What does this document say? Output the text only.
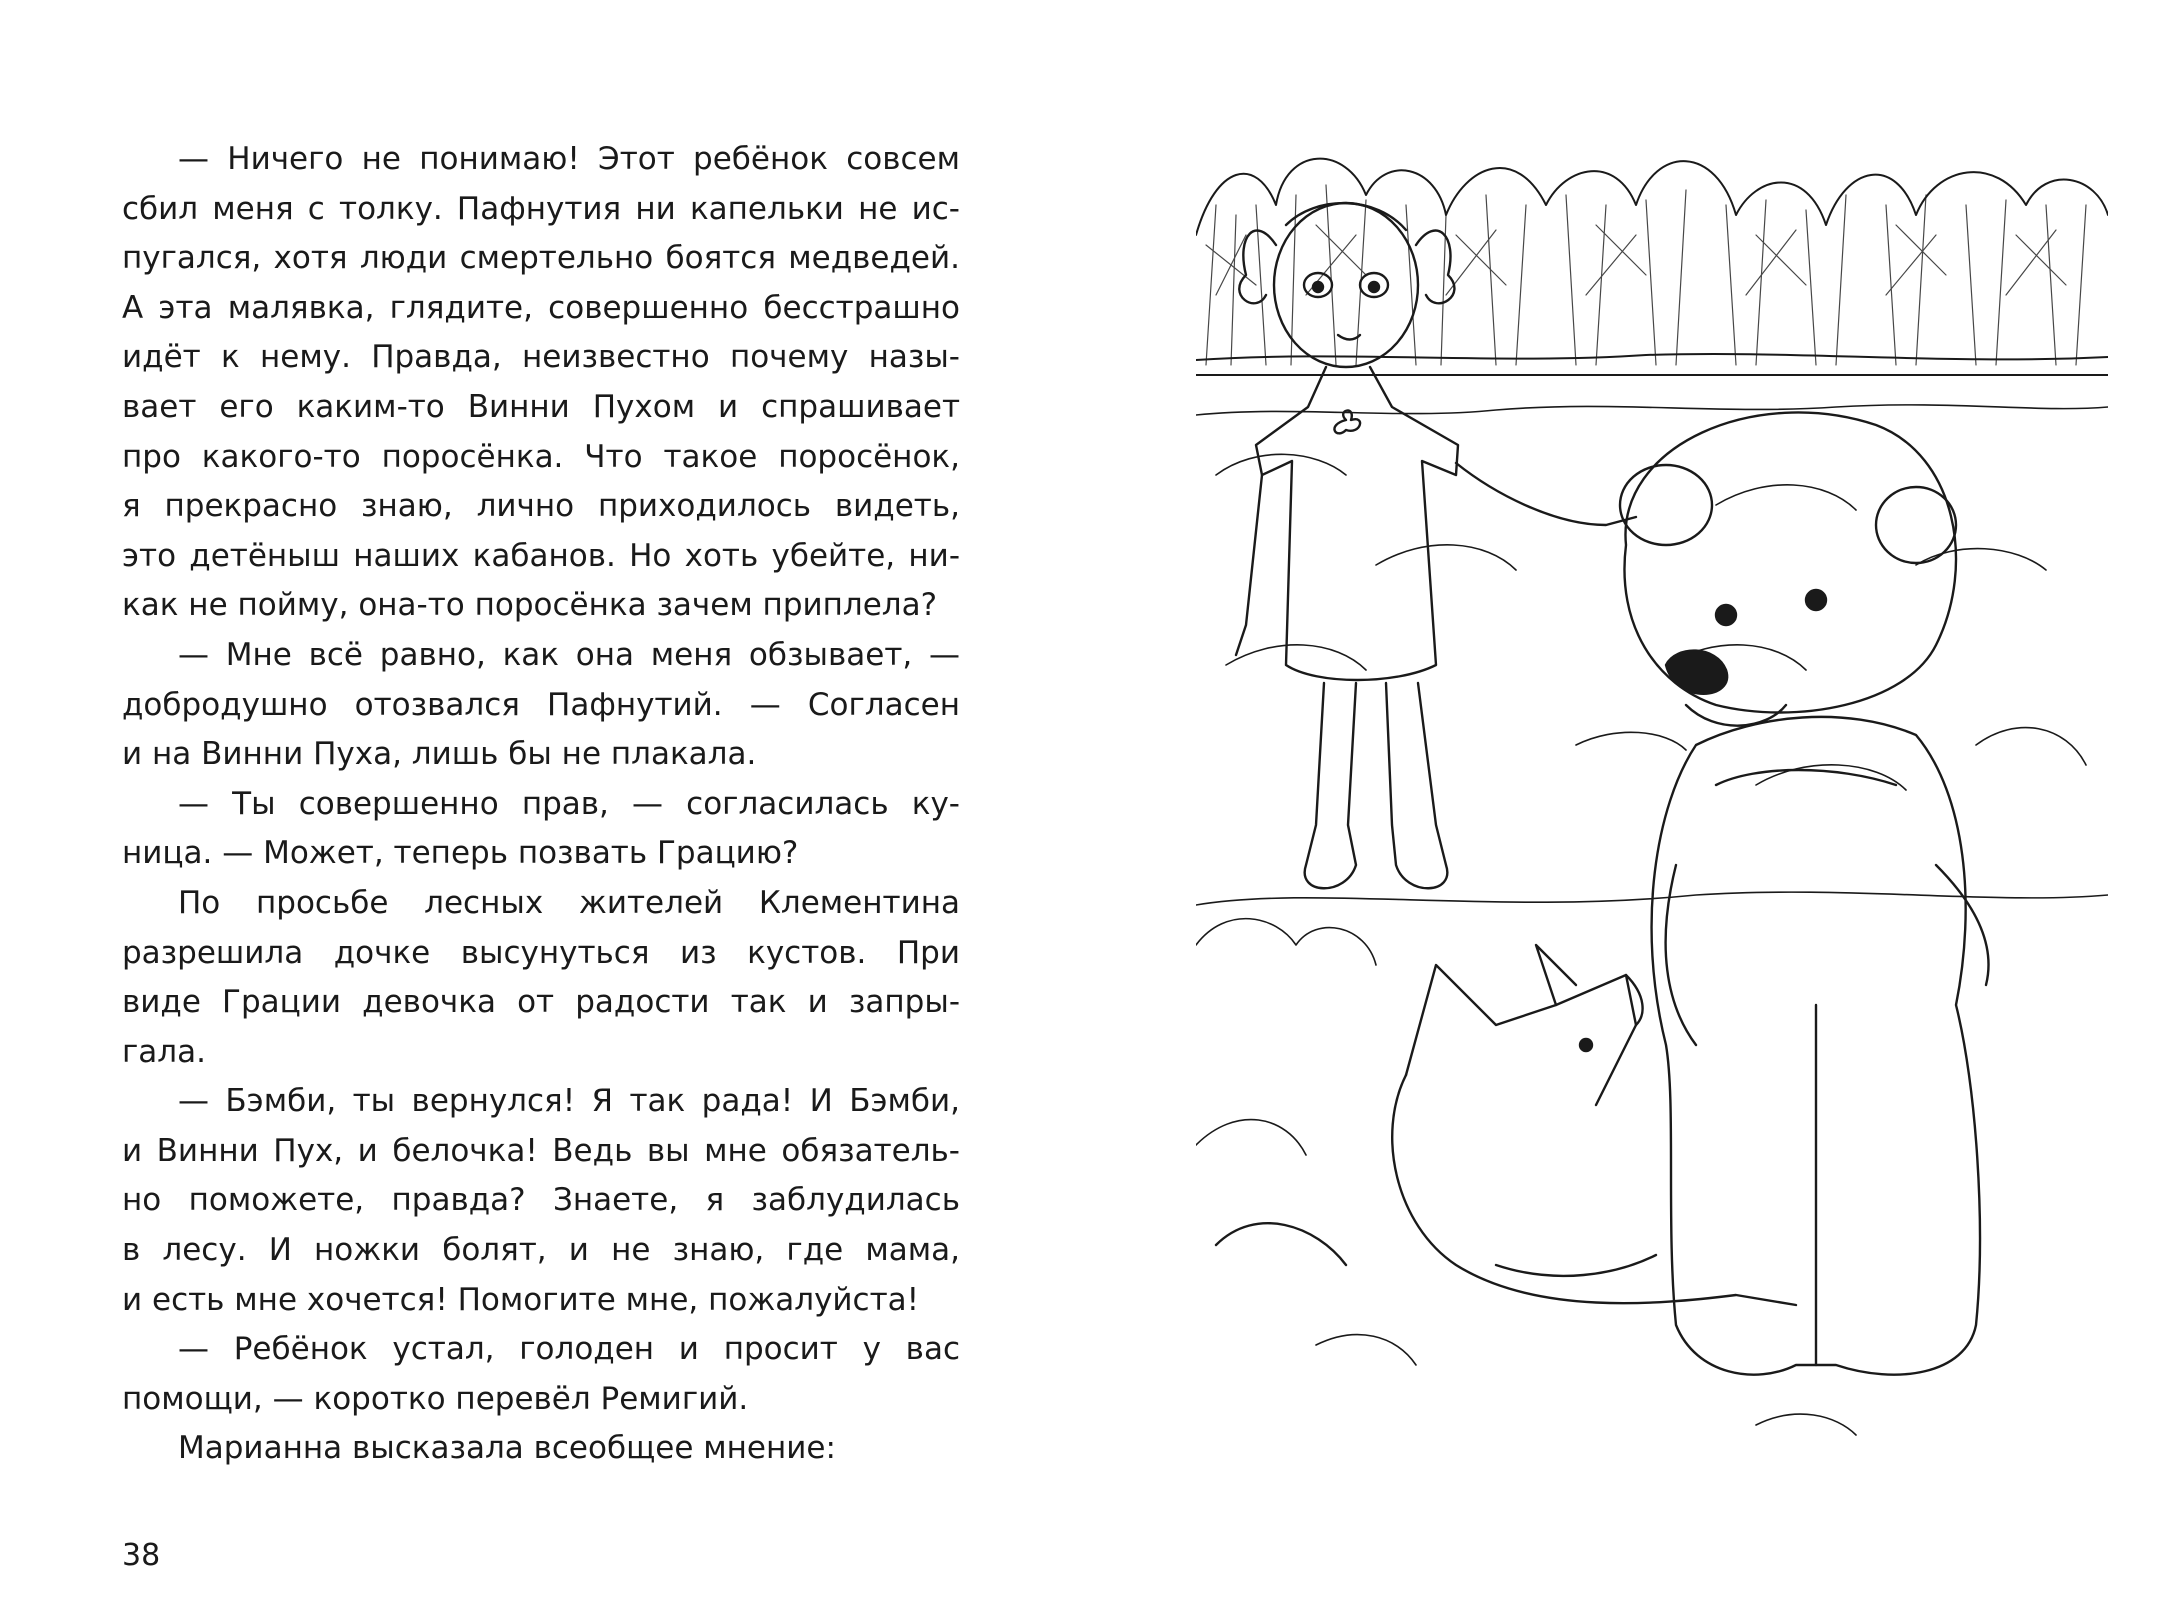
— Ничего не понимаю! Этот ребёнок совсем
сбил меня с толку. Пафнутия ни капельки не ис-
пугался, хотя люди смертельно боятся медведей.
А эта малявка, глядите, совершенно бесстрашно
идёт к нему. Правда, неизвестно почему назы-
вает его каким-то Винни Пухом и спрашивает
про какого-то поросёнка. Что такое поросёнок,
я прекрасно знаю, лично приходилось видеть,
это детёныш наших кабанов. Но хоть убейте, ни-
как не пойму, она-то поросёнка зачем приплела?
— Мне всё равно, как она меня обзывает, —
добродушно отозвался Пафнутий. — Согласен
и на Винни Пуха, лишь бы не плакала.
— Ты совершенно прав, — согласилась ку-
ница. — Может, теперь позвать Грацию?
По просьбе лесных жителей Клементина
разрешила дочке высунуться из кустов. При
виде Грации девочка от радости так и запры-
гала.
— Бэмби, ты вернулся! Я так рада! И Бэмби,
и Винни Пух, и белочка! Ведь вы мне обязатель-
но поможете, правда? Знаете, я заблудилась
в лесу. И ножки болят, и не знаю, где мама,
и есть мне хочется! Помогите мне, пожалуйста!
— Ребёнок устал, голоден и просит у вас
помощи, — коротко перевёл Ремигий.
Марианна высказала всеобщее мнение:
38
